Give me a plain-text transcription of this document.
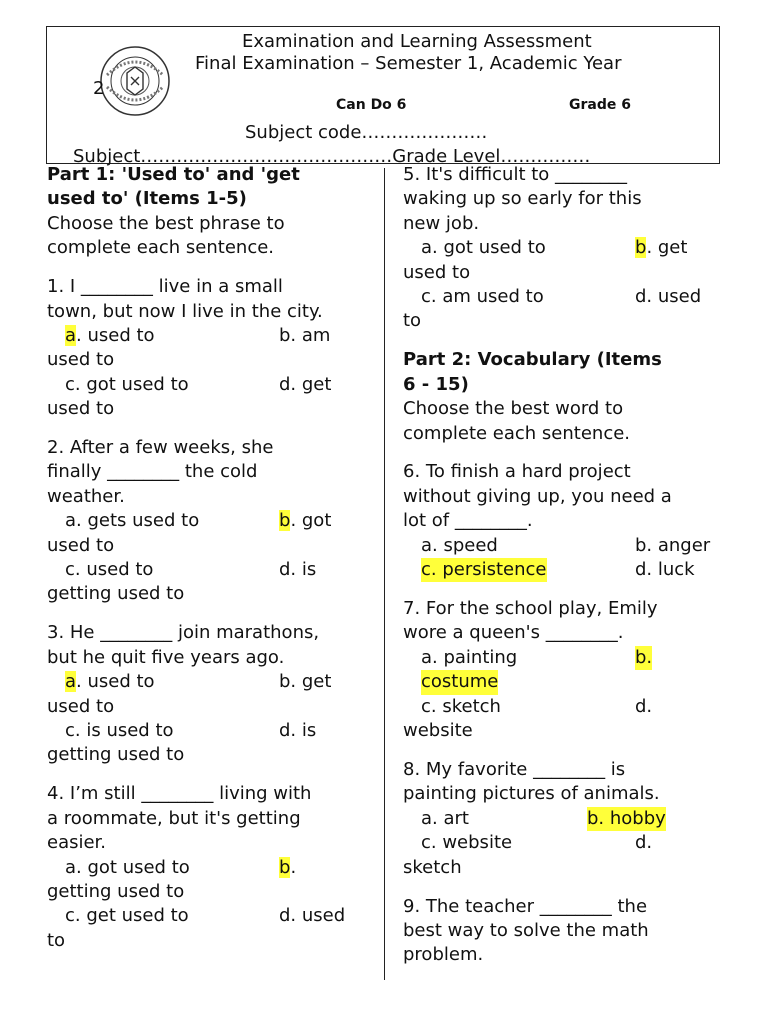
Examination and Learning Assessment
Final Examination – Semester 1, Academic Year
2
Can Do 6	Grade 6
Subject code…………………
Subject……………………………………Grade Level……………
Part 1: 'Used to' and 'get
used to' (Items 1-5)
Choose the best phrase to
complete each sentence.
1. I ________ live in a small
town, but now I live in the city.
a. used to	b. am
used to
c. got used to	d. get
used to
2. After a few weeks, she
finally ________ the cold
weather.
a. gets used to	b. got
used to
c. used to	d. is
getting used to
3. He ________ join marathons,
but he quit five years ago.
a. used to	b. get
used to
c. is used to	d. is
getting used to
4. I’m still ________ living with
a roommate, but it's getting
easier.
a. got used to	b.
getting used to
c. get used to	d. used
to
5. It's difficult to ________
waking up so early for this
new job.
a. got used to	b. get
used to
c. am used to	d. used
to
Part 2: Vocabulary (Items
6 - 15)
Choose the best word to
complete each sentence.
6. To finish a hard project
without giving up, you need a
lot of ________.
a. speed	b. anger
c. persistence	d. luck
7. For the school play, Emily
wore a queen's ________.
a. painting	b.
costume
c. sketch	d.
website
8. My favorite ________ is
painting pictures of animals.
a. art	b. hobby
c. website	d.
sketch
9. The teacher ________ the
best way to solve the math
problem.
